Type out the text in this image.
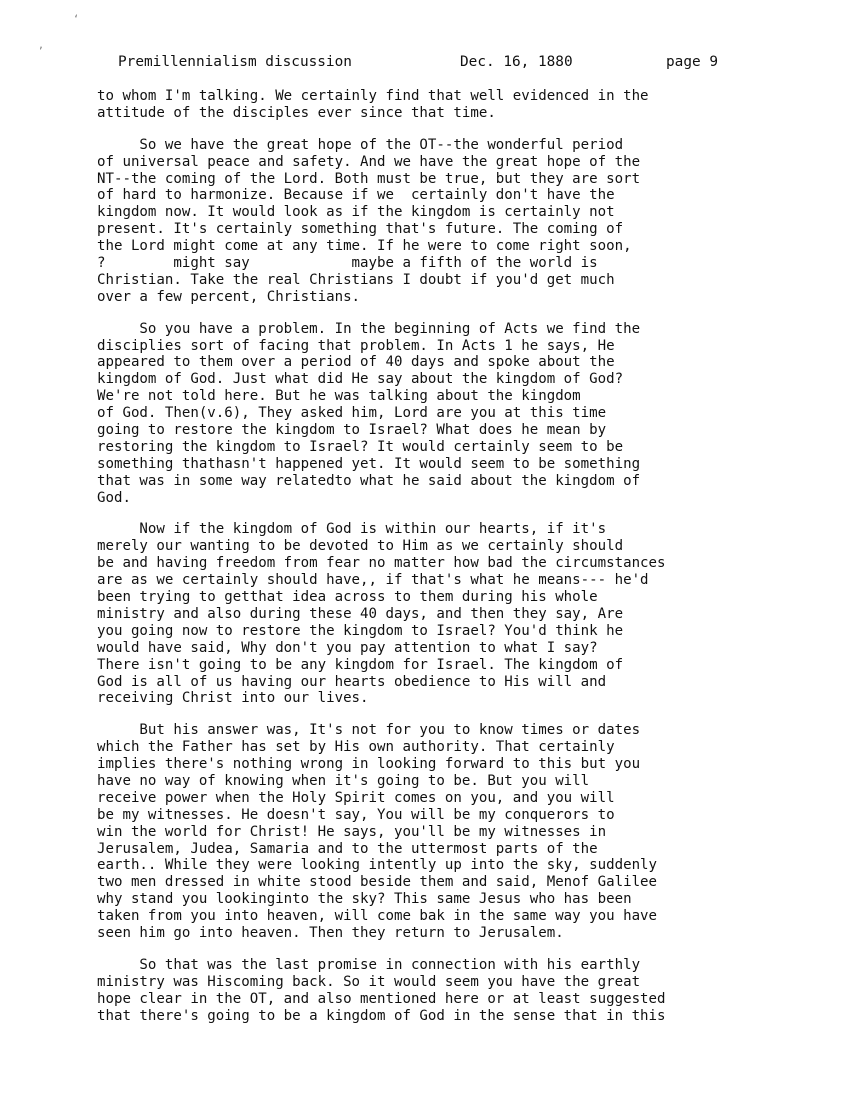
‘
,

Premillennialism discussion

	Dec. 16, 1880

	page 9

to whom I'm talking. We certainly find that well evidenced in the
attitude of the disciples ever since that time.
So we have the great hope of the OT--the wonderful period
of universal peace and safety. And we have the great hope of the
NT--the coming of the Lord. Both must be true, but they are sort
of hard to harmonize. Because if we  certainly don't have the
kingdom now. It would look as if the kingdom is certainly not
present. It's certainly something that's future. The coming of
the Lord might come at any time. If he were to come right soon,
?        might say            maybe a fifth of the world is
Christian. Take the real Christians I doubt if you'd get much
over a few percent, Christians.
So you have a problem. In the beginning of Acts we find the
disciplies sort of facing that problem. In Acts 1 he says, He
appeared to them over a period of 40 days and spoke about the
kingdom of God. Just what did He say about the kingdom of God?
We're not told here. But he was talking about the kingdom
of God. Then(v.6), They asked him, Lord are you at this time
going to restore the kingdom to Israel? What does he mean by
restoring the kingdom to Israel? It would certainly seem to be
something thathasn't happened yet. It would seem to be something
that was in some way relatedto what he said about the kingdom of
God.
Now if the kingdom of God is within our hearts, if it's
merely our wanting to be devoted to Him as we certainly should
be and having freedom from fear no matter how bad the circumstances
are as we certainly should have,, if that's what he means--- he'd
been trying to getthat idea across to them during his whole
ministry and also during these 40 days, and then they say, Are
you going now to restore the kingdom to Israel? You'd think he
would have said, Why don't you pay attention to what I say?
There isn't going to be any kingdom for Israel. The kingdom of
God is all of us having our hearts obedience to His will and
receiving Christ into our lives.
But his answer was, It's not for you to know times or dates
which the Father has set by His own authority. That certainly
implies there's nothing wrong in looking forward to this but you
have no way of knowing when it's going to be. But you will
receive power when the Holy Spirit comes on you, and you will
be my witnesses. He doesn't say, You will be my conquerors to
win the world for Christ! He says, you'll be my witnesses in
Jerusalem, Judea, Samaria and to the uttermost parts of the
earth.. While they were looking intently up into the sky, suddenly
two men dressed in white stood beside them and said, Menof Galilee
why stand you lookinginto the sky? This same Jesus who has been
taken from you into heaven, will come bak in the same way you have
seen him go into heaven. Then they return to Jerusalem.
So that was the last promise in connection with his earthly
ministry was Hiscoming back. So it would seem you have the great
hope clear in the OT, and also mentioned here or at least suggested
that there's going to be a kingdom of God in the sense that in this
